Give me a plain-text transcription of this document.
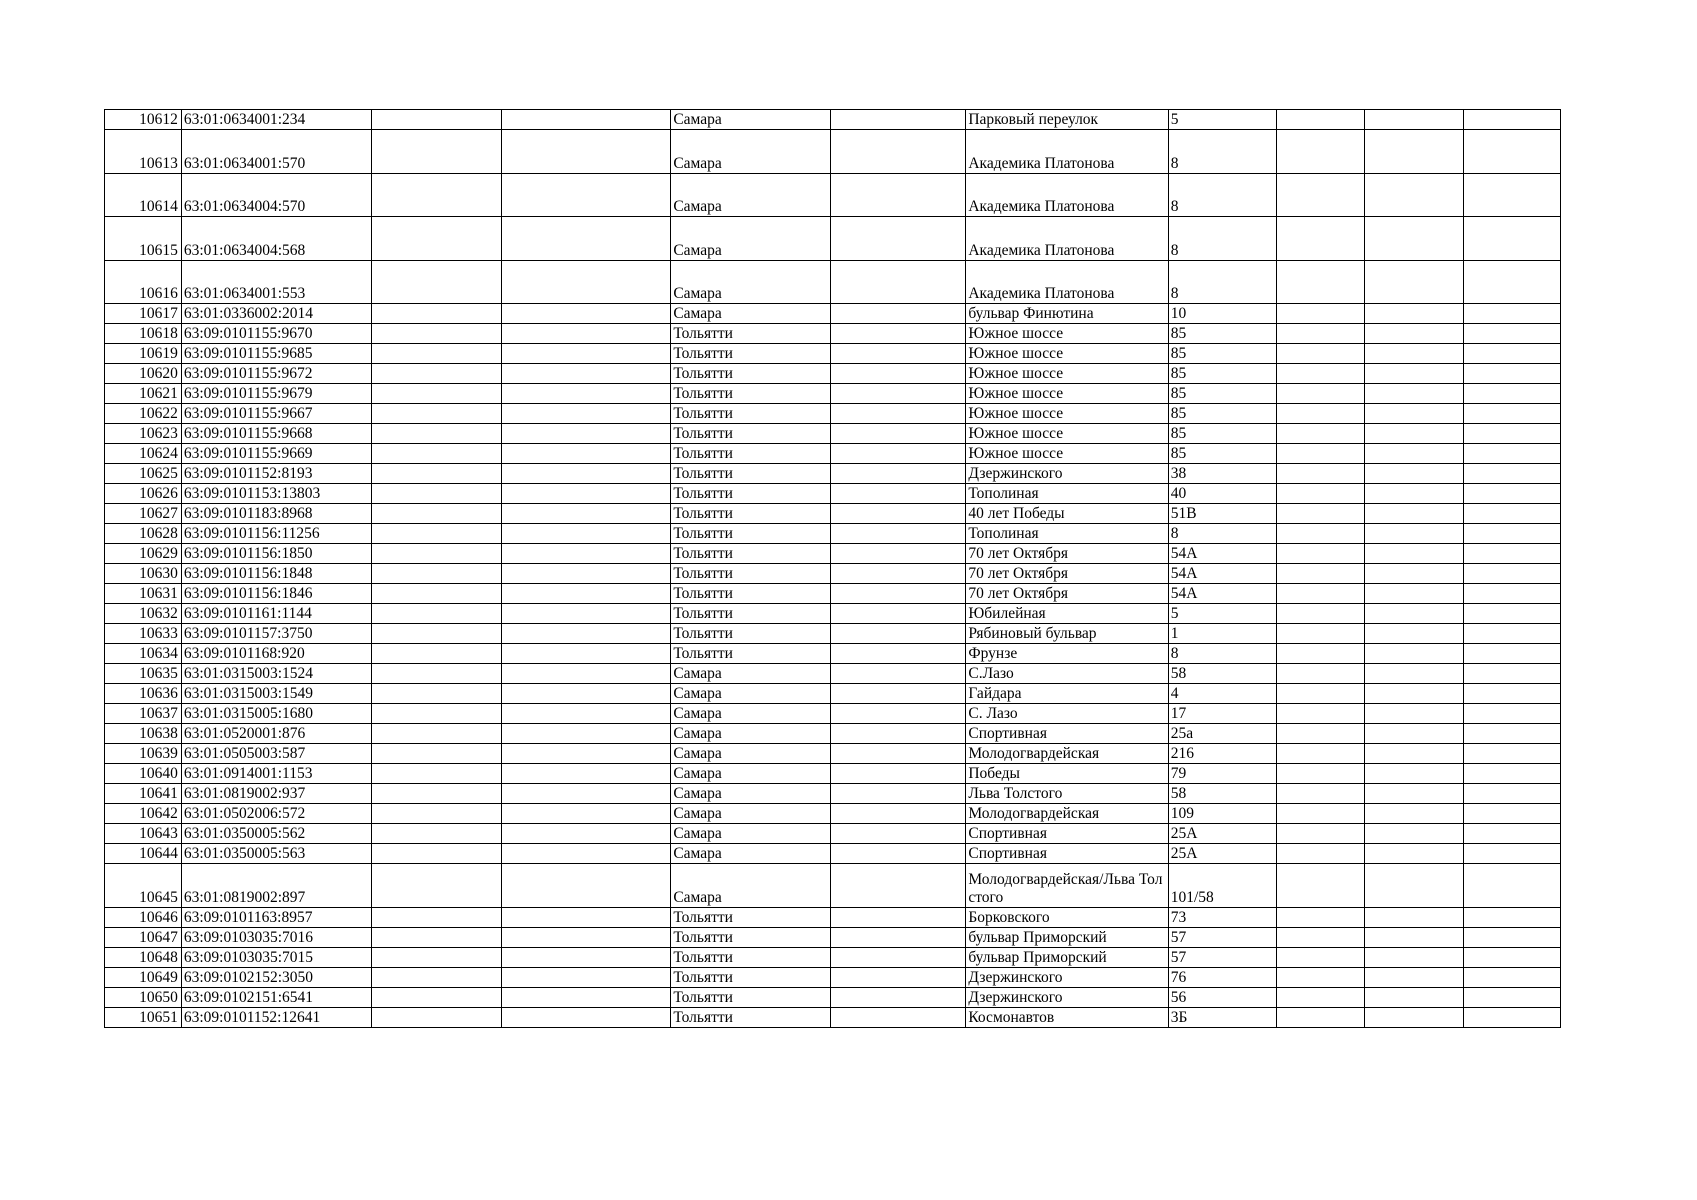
10612	63:01:0634001:234			Самара		Парковый переулок	5			
10613	63:01:0634001:570			Самара		Академика Платонова	8			
10614	63:01:0634004:570			Самара		Академика Платонова	8			
10615	63:01:0634004:568			Самара		Академика Платонова	8			
10616	63:01:0634001:553			Самара		Академика Платонова	8			
10617	63:01:0336002:2014			Самара		бульвар Финютина	10			
10618	63:09:0101155:9670			Тольятти		Южное шоссе	85			
10619	63:09:0101155:9685			Тольятти		Южное шоссе	85			
10620	63:09:0101155:9672			Тольятти		Южное шоссе	85			
10621	63:09:0101155:9679			Тольятти		Южное шоссе	85			
10622	63:09:0101155:9667			Тольятти		Южное шоссе	85			
10623	63:09:0101155:9668			Тольятти		Южное шоссе	85			
10624	63:09:0101155:9669			Тольятти		Южное шоссе	85			
10625	63:09:0101152:8193			Тольятти		Дзержинского	38			
10626	63:09:0101153:13803			Тольятти		Тополиная	40			
10627	63:09:0101183:8968			Тольятти		40 лет Победы	51В			
10628	63:09:0101156:11256			Тольятти		Тополиная	8			
10629	63:09:0101156:1850			Тольятти		70 лет Октября	54А			
10630	63:09:0101156:1848			Тольятти		70 лет Октября	54А			
10631	63:09:0101156:1846			Тольятти		70 лет Октября	54А			
10632	63:09:0101161:1144			Тольятти		Юбилейная	5			
10633	63:09:0101157:3750			Тольятти		Рябиновый бульвар	1			
10634	63:09:0101168:920			Тольятти		Фрунзе	8			
10635	63:01:0315003:1524			Самара		С.Лазо	58			
10636	63:01:0315003:1549			Самара		Гайдара	4			
10637	63:01:0315005:1680			Самара		С. Лазо	17			
10638	63:01:0520001:876			Самара		Спортивная	25а			
10639	63:01:0505003:587			Самара		Молодогвардейская	216			
10640	63:01:0914001:1153			Самара		Победы	79			
10641	63:01:0819002:937			Самара		Льва Толстого	58			
10642	63:01:0502006:572			Самара		Молодогвардейская	109			
10643	63:01:0350005:562			Самара		Спортивная	25А			
10644	63:01:0350005:563			Самара		Спортивная	25А			
10645	63:01:0819002:897			Самара		Молодогвардейская/Льва Толстого	101/58			
10646	63:09:0101163:8957			Тольятти		Борковского	73			
10647	63:09:0103035:7016			Тольятти		бульвар Приморский	57			
10648	63:09:0103035:7015			Тольятти		бульвар Приморский	57			
10649	63:09:0102152:3050			Тольятти		Дзержинского	76			
10650	63:09:0102151:6541			Тольятти		Дзержинского	56			
10651	63:09:0101152:12641			Тольятти		Космонавтов	3Б			
